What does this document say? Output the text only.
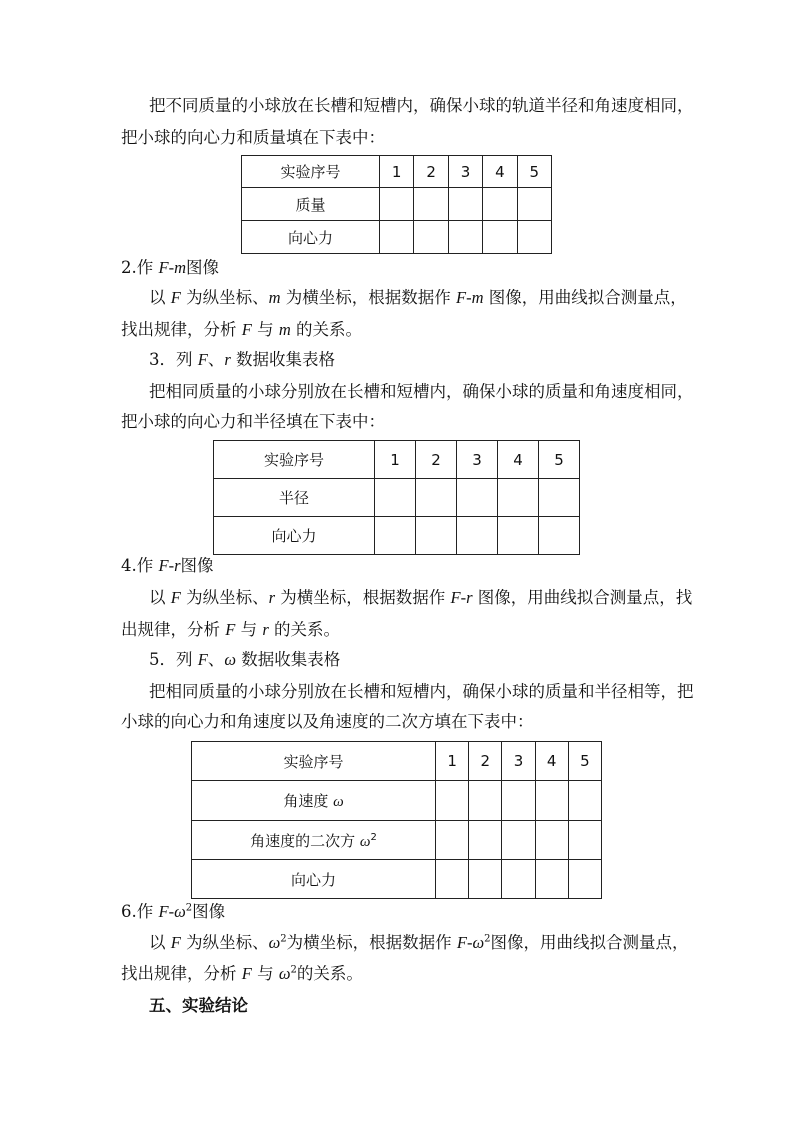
把不同质量的小球放在长槽和短槽内，确保小球的轨道半径和角速度相同，
把小球的向心力和质量填在下表中：
实验序号	1	2	3	4	5
质量					
向心力					
2.作 F-m图像
以 F 为纵坐标、m 为横坐标，根据数据作 F-m 图像，用曲线拟合测量点，
找出规律，分析 F 与 m 的关系。
3．列 F、r 数据收集表格
把相同质量的小球分别放在长槽和短槽内，确保小球的质量和角速度相同，
把小球的向心力和半径填在下表中：
实验序号	1	2	3	4	5
半径					
向心力					
4.作 F-r图像
以 F 为纵坐标、r 为横坐标，根据数据作 F-r 图像，用曲线拟合测量点，找
出规律，分析 F 与 r 的关系。
5．列 F、ω 数据收集表格
把相同质量的小球分别放在长槽和短槽内，确保小球的质量和半径相等，把
小球的向心力和角速度以及角速度的二次方填在下表中：
实验序号	1	2	3	4	5
角速度 ω					
角速度的二次方 $\omega^2$					
向心力					
6.作 $F-\omega^2$图像
以 F 为纵坐标、$\omega^2$为横坐标，根据数据作 $F-\omega^2$图像，用曲线拟合测量点，
找出规律，分析 F 与 $\omega^2$的关系。
五、实验结论
